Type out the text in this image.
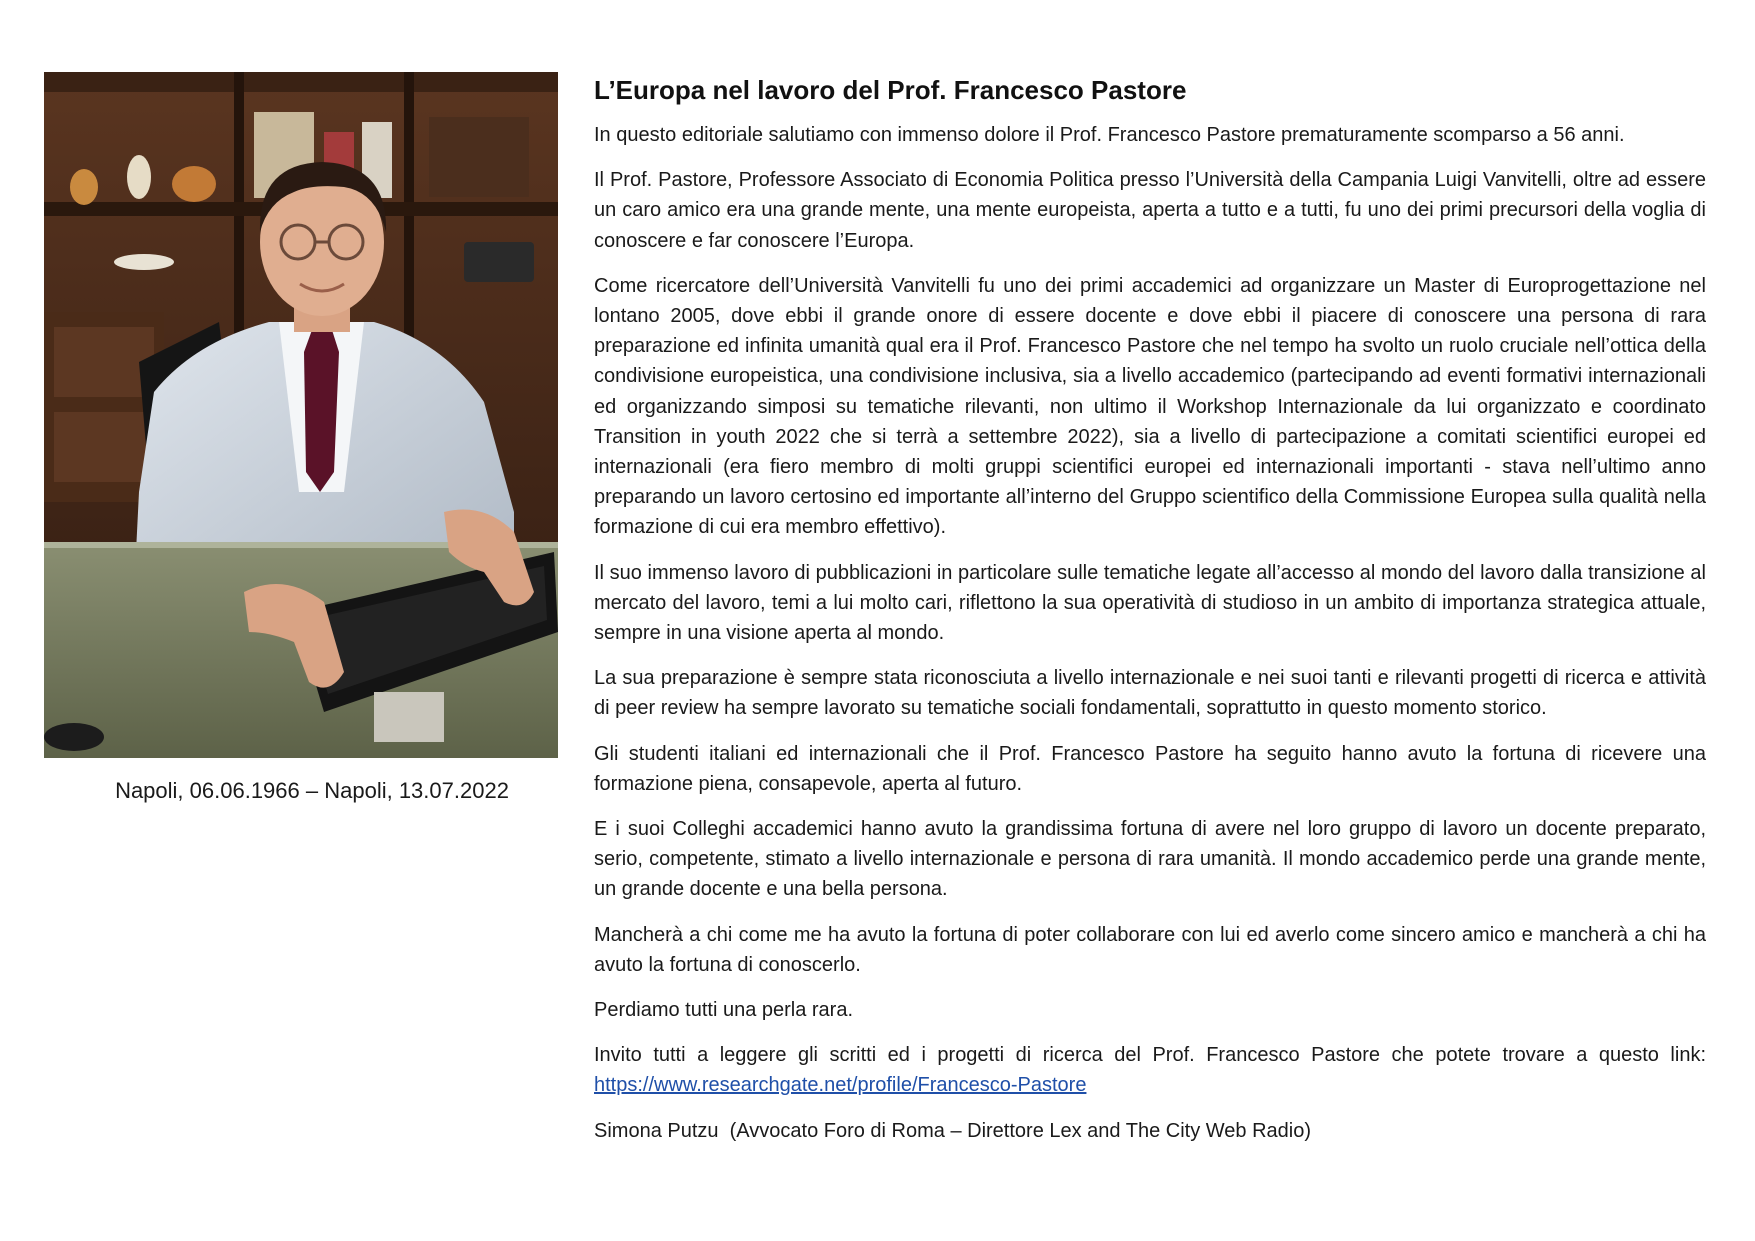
Napoli, 06.06.1966 – Napoli, 13.07.2022
L’Europa nel lavoro del Prof. Francesco Pastore

In questo editoriale salutiamo con immenso dolore il Prof. Francesco Pastore prematuramente scomparso a 56 anni.

Il Prof. Pastore, Professore Associato di Economia Politica presso l’Università della Campania Luigi Vanvitelli, oltre ad essere un caro amico era una grande mente, una mente europeista, aperta a tutto e a tutti, fu uno dei primi precursori della voglia di conoscere e far conoscere l’Europa.

Come ricercatore dell’Università Vanvitelli fu uno dei primi accademici ad organizzare un Master di Europrogettazione nel lontano 2005, dove ebbi il grande onore di essere docente e dove ebbi il piacere di conoscere una persona di rara preparazione ed infinita umanità qual era il Prof. Francesco Pastore che nel tempo ha svolto un ruolo cruciale nell’ottica della condivisione europeistica, una condivisione inclusiva, sia a livello accademico (partecipando ad eventi formativi internazionali ed organizzando simposi su tematiche rilevanti, non ultimo il Workshop Internazionale da lui organizzato e coordinato Transition in youth 2022 che si terrà a settembre 2022), sia a livello di partecipazione a comitati scientifici europei ed internazionali (era fiero membro di molti gruppi scientifici europei ed internazionali importanti - stava nell’ultimo anno preparando un lavoro certosino ed importante all’interno del Gruppo scientifico della Commissione Europea sulla qualità nella formazione di cui era membro effettivo).

Il suo immenso lavoro di pubblicazioni in particolare sulle tematiche legate all’accesso al mondo del lavoro dalla transizione al mercato del lavoro, temi a lui molto cari, riflettono la sua operatività di studioso in un ambito di importanza strategica attuale, sempre in una visione aperta al mondo.

La sua preparazione è sempre stata riconosciuta a livello internazionale e nei suoi tanti e rilevanti progetti di ricerca e attività di peer review ha sempre lavorato su tematiche sociali fondamentali, soprattutto in questo momento storico.

Gli studenti italiani ed internazionali che il Prof. Francesco Pastore ha seguito hanno avuto la fortuna di ricevere una formazione piena, consapevole, aperta al futuro.

E i suoi Colleghi accademici hanno avuto la grandissima fortuna di avere nel loro gruppo di lavoro un docente preparato, serio, competente, stimato a livello internazionale e persona di rara umanità. Il mondo accademico perde una grande mente, un grande docente e una bella persona.

Mancherà a chi come me ha avuto la fortuna di poter collaborare con lui ed averlo come sincero amico e mancherà a chi ha avuto la fortuna di conoscerlo.

Perdiamo tutti una perla rara.

Invito tutti a leggere gli scritti ed i progetti di ricerca del Prof. Francesco Pastore che potete trovare a questo link: https://www.researchgate.net/profile/Francesco-Pastore

Simona Putzu  (Avvocato Foro di Roma – Direttore Lex and The City Web Radio)
